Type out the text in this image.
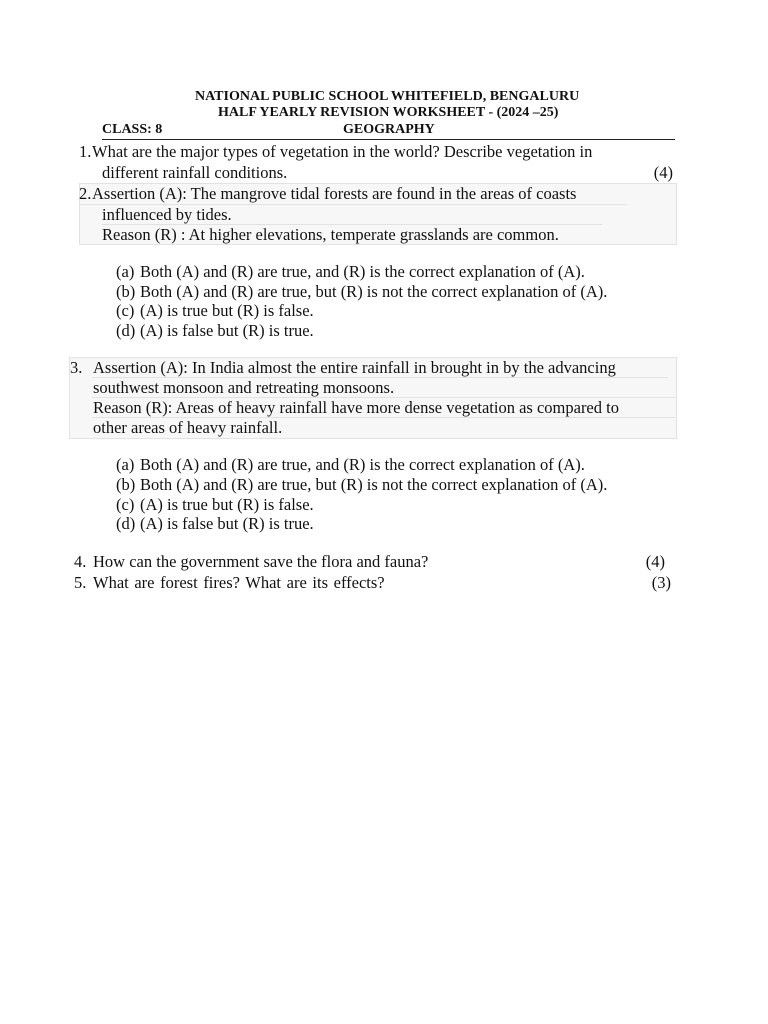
NATIONAL PUBLIC SCHOOL WHITEFIELD, BENGALURU
HALF YEARLY REVISION WORKSHEET - (2024 –25)
CLASS: 8	GEOGRAPHY
1. What are the major types of vegetation in the world? Describe vegetation in
different rainfall conditions.	(4)
2. Assertion (A): The mangrove tidal forests are found in the areas of coasts
influenced by tides.
Reason (R) : At higher elevations, temperate grasslands are common.
(a) Both (A) and (R) are true, and (R) is the correct explanation of (A).
(b) Both (A) and (R) are true, but (R) is not the correct explanation of (A).
(c) (A) is true but (R) is false.
(d) (A) is false but (R) is true.
3. Assertion (A): In India almost the entire rainfall in brought in by the advancing
southwest monsoon and retreating monsoons.
Reason (R): Areas of heavy rainfall have more dense vegetation as compared to
other areas of heavy rainfall.
(a) Both (A) and (R) are true, and (R) is the correct explanation of (A).
(b) Both (A) and (R) are true, but (R) is not the correct explanation of (A).
(c) (A) is true but (R) is false.
(d) (A) is false but (R) is true.
4. How can the government save the flora and fauna?	(4)
5. What are forest fires? What are its effects?	(3)
